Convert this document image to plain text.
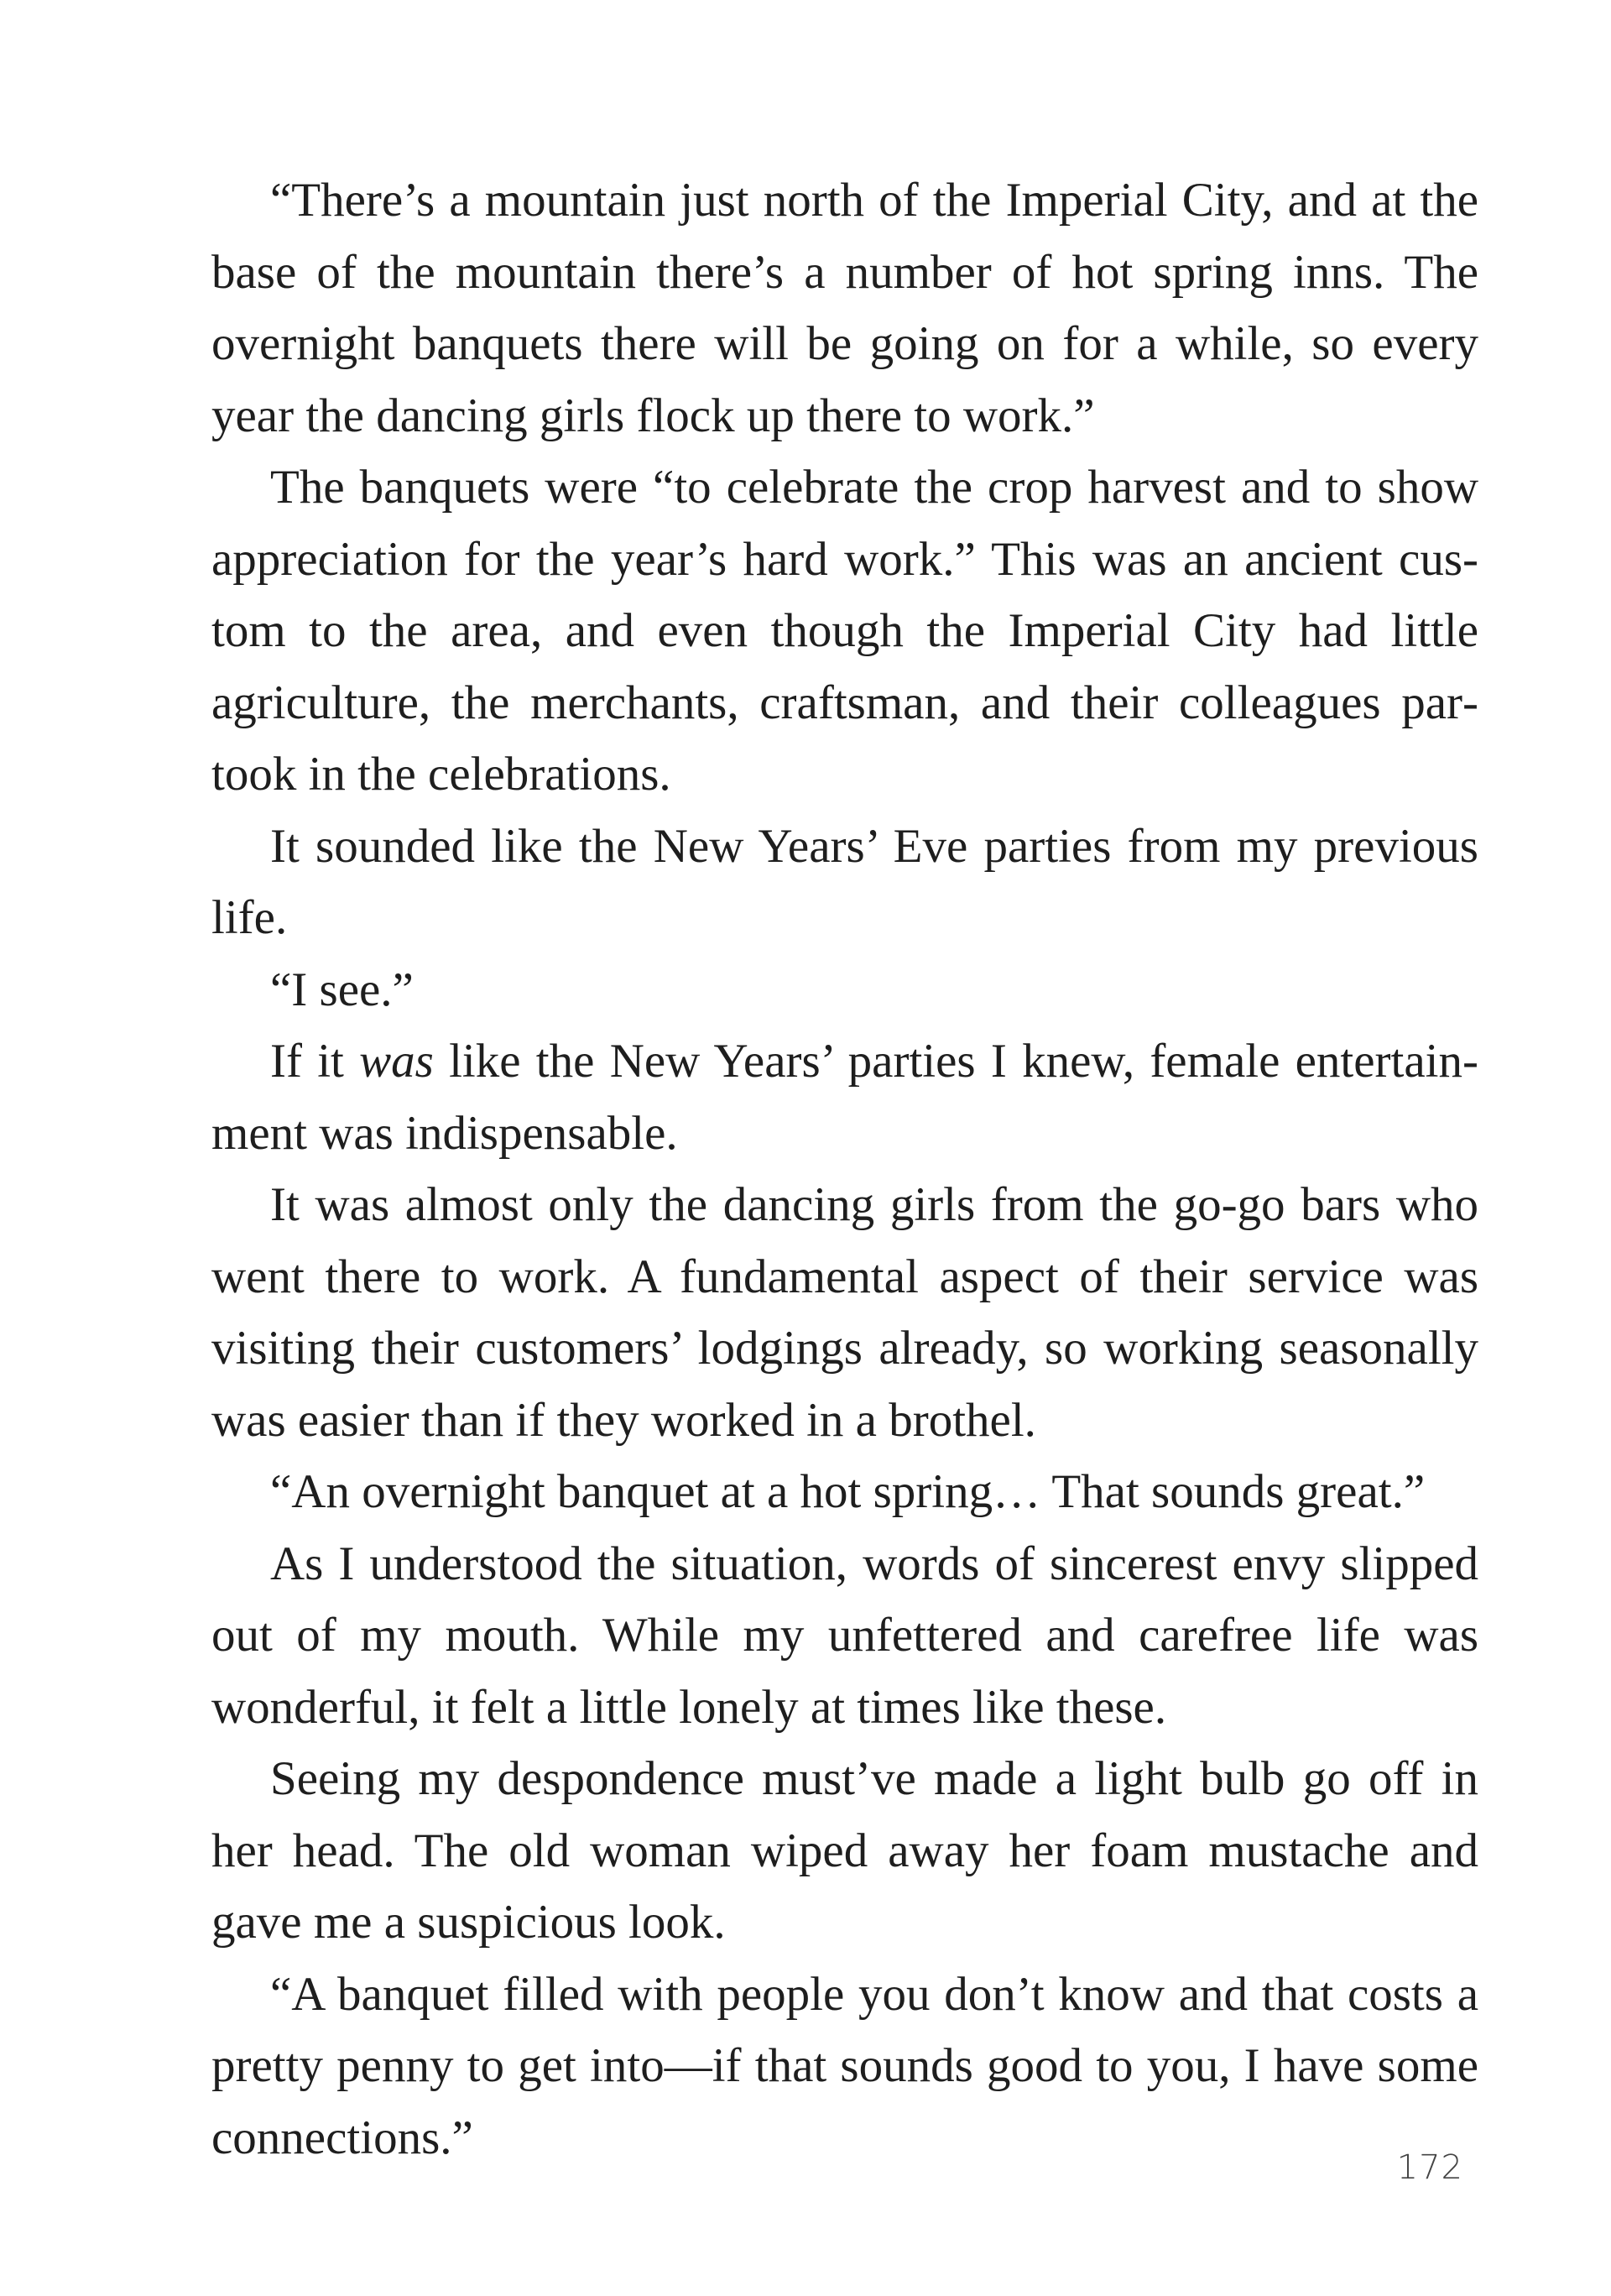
“There’s a mountain just north of the Imperial City, and at the base of the mountain there’s a number of hot spring inns. The overnight banquets there will be going on for a while, so every year the dancing girls flock up there to work.”

The banquets were “to celebrate the crop harvest and to show appreciation for the year’s hard work.” This was an ancient custom to the area, and even though the Imperial City had little agriculture, the merchants, craftsman, and their colleagues partook in the celebrations.

It sounded like the New Years’ Eve parties from my previous life.

“I see.”

If it was like the New Years’ parties I knew, female entertainment was indispensable.

It was almost only the dancing girls from the go-go bars who went there to work. A fundamental aspect of their service was visiting their customers’ lodgings already, so working seasonally was easier than if they worked in a brothel.

“An overnight banquet at a hot spring… That sounds great.”

As I understood the situation, words of sincerest envy slipped out of my mouth. While my unfettered and carefree life was wonderful, it felt a little lonely at times like these.

Seeing my despondence must’ve made a light bulb go off in her head. The old woman wiped away her foam mustache and gave me a suspicious look.

“A banquet filled with people you don’t know and that costs a pretty penny to get into—if that sounds good to you, I have some connections.”

172
